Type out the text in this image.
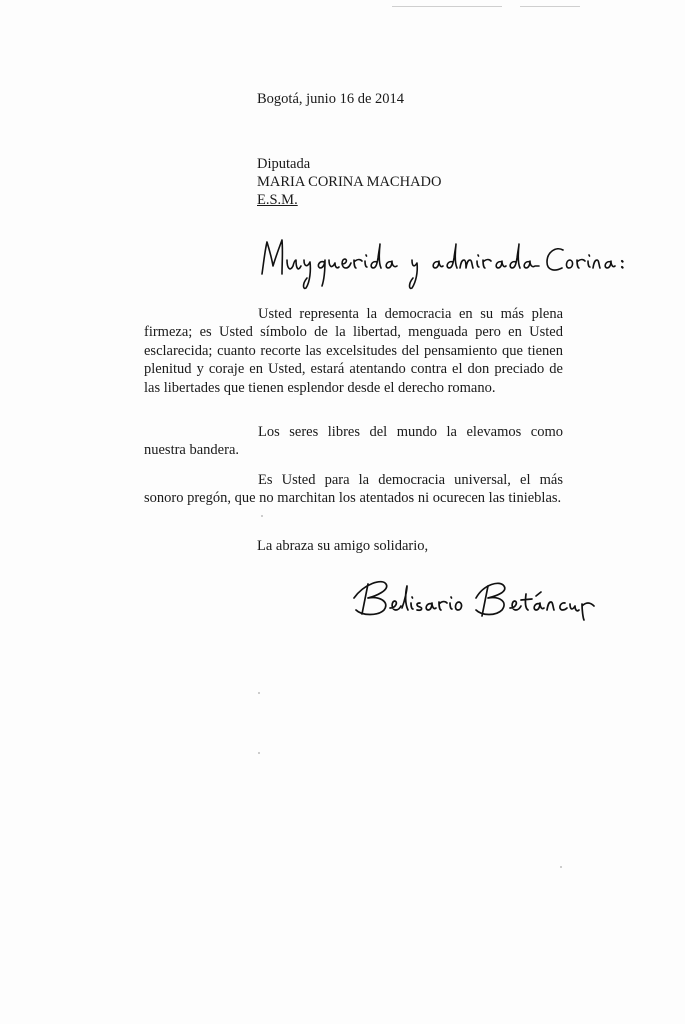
Bogotá, junio 16 de 2014
Diputada
MARIA CORINA MACHADO
E.S.M.

Usted representa la democracia en su más plena firmeza; es Usted símbolo de la libertad, menguada pero en Usted esclarecida; cuanto recorte las excelsitudes del pensamiento que tienen plenitud y coraje en Usted, estará atentando contra el don preciado de las libertades que tienen esplendor desde el derecho romano.

Los seres libres del mundo la elevamos como nuestra bandera.

Es Usted para la democracia universal, el más sonoro pregón, que no marchitan los atentados ni ocurecen las tinieblas.

La abraza su amigo solidario,
